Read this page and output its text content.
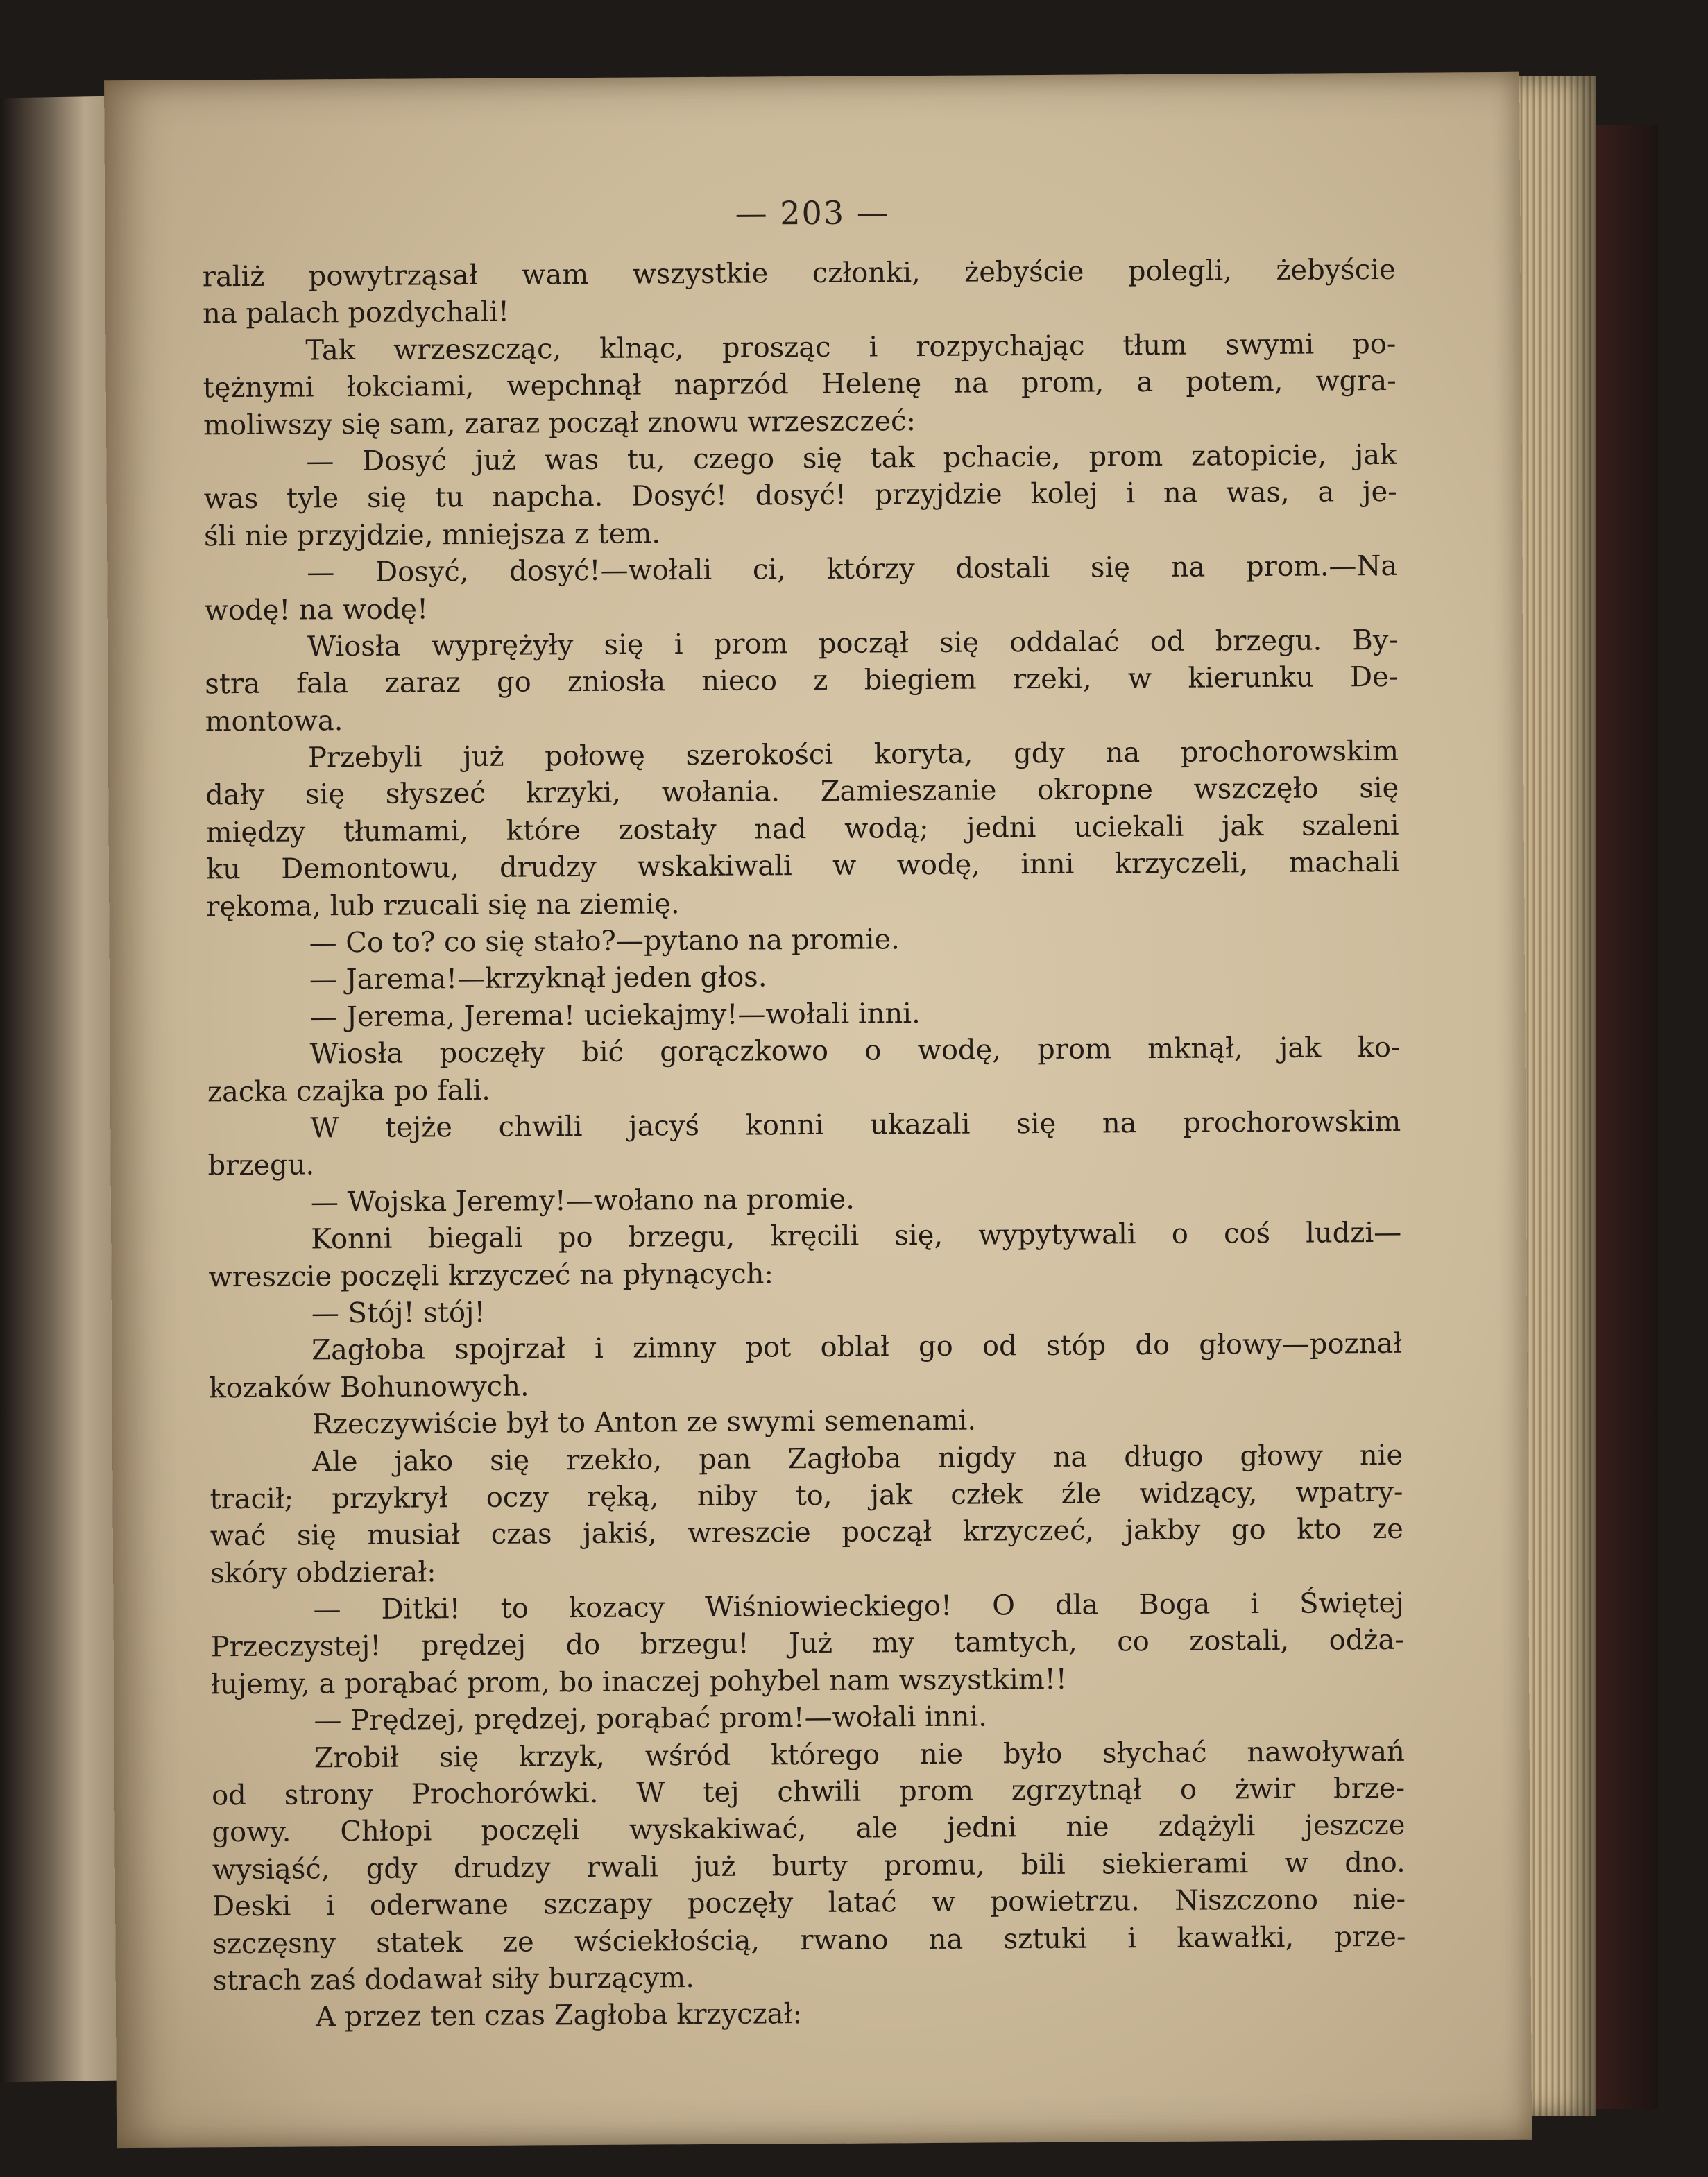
— 203 —
raliż powytrząsał wam wszystkie członki, żebyście polegli, żebyście
na palach pozdychali!
Tak wrzeszcząc, klnąc, prosząc i rozpychając tłum swymi po-
tężnymi łokciami, wepchnął naprzód Helenę na prom, a potem, wgra-
moliwszy się sam, zaraz począł znowu wrzeszczeć:
— Dosyć już was tu, czego się tak pchacie, prom zatopicie, jak
was tyle się tu napcha. Dosyć! dosyć! przyjdzie kolej i na was, a je-
śli nie przyjdzie, mniejsza z tem.
— Dosyć, dosyć!—wołali ci, którzy dostali się na prom.—Na
wodę! na wodę!
Wiosła wyprężyły się i prom począł się oddalać od brzegu. By-
stra fala zaraz go zniosła nieco z biegiem rzeki, w kierunku De-
montowa.
Przebyli już połowę szerokości koryta, gdy na prochorowskim
dały się słyszeć krzyki, wołania. Zamieszanie okropne wszczęło się
między tłumami, które zostały nad wodą; jedni uciekali jak szaleni
ku Demontowu, drudzy wskakiwali w wodę, inni krzyczeli, machali
rękoma, lub rzucali się na ziemię.
— Co to? co się stało?—pytano na promie.
— Jarema!—krzyknął jeden głos.
— Jerema, Jerema! uciekajmy!—wołali inni.
Wiosła poczęły bić gorączkowo o wodę, prom mknął, jak ko-
zacka czajka po fali.
W tejże chwili jacyś konni ukazali się na prochorowskim
brzegu.
— Wojska Jeremy!—wołano na promie.
Konni biegali po brzegu, kręcili się, wypytywali o coś ludzi—
wreszcie poczęli krzyczeć na płynących:
— Stój! stój!
Zagłoba spojrzał i zimny pot oblał go od stóp do głowy—poznał
kozaków Bohunowych.
Rzeczywiście był to Anton ze swymi semenami.
Ale jako się rzekło, pan Zagłoba nigdy na długo głowy nie
tracił; przykrył oczy ręką, niby to, jak człek źle widzący, wpatry-
wać się musiał czas jakiś, wreszcie począł krzyczeć, jakby go kto ze
skóry obdzierał:
— Ditki! to kozacy Wiśniowieckiego! O dla Boga i Świętej
Przeczystej! prędzej do brzegu! Już my tamtych, co zostali, odża-
łujemy, a porąbać prom, bo inaczej pohybel nam wszystkim!!
— Prędzej, prędzej, porąbać prom!—wołali inni.
Zrobił się krzyk, wśród którego nie było słychać nawoływań
od strony Prochorówki. W tej chwili prom zgrzytnął o żwir brze-
gowy. Chłopi poczęli wyskakiwać, ale jedni nie zdążyli jeszcze
wysiąść, gdy drudzy rwali już burty promu, bili siekierami w dno.
Deski i oderwane szczapy poczęły latać w powietrzu. Niszczono nie-
szczęsny statek ze wściekłością, rwano na sztuki i kawałki, prze-
strach zaś dodawał siły burzącym.
A przez ten czas Zagłoba krzyczał:
